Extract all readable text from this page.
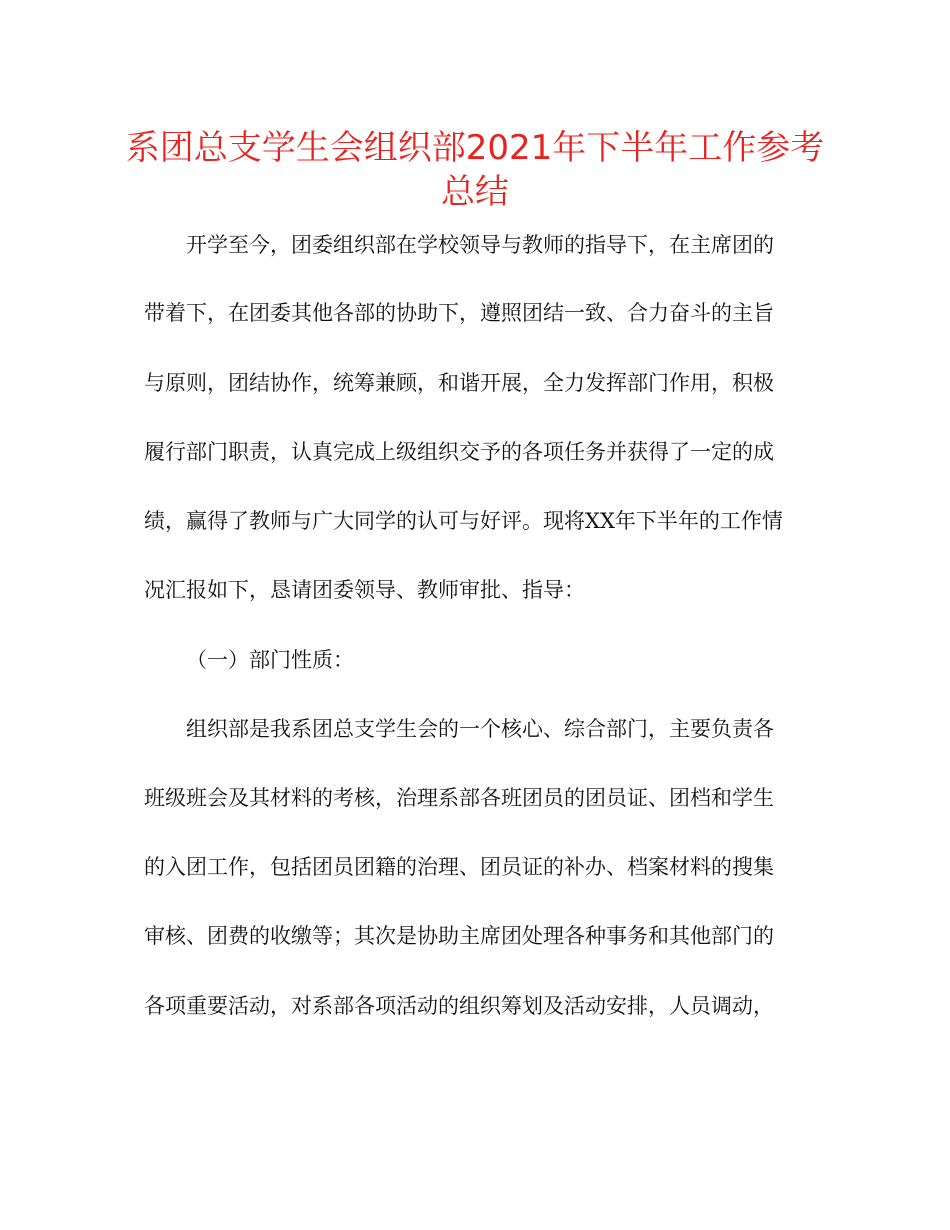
系团总支学生会组织部2021年下半年工作参考
总结

开学至今，团委组织部在学校领导与教师的指导下，在主席团的

带着下，在团委其他各部的协助下，遵照团结一致、合力奋斗的主旨

与原则，团结协作，统筹兼顾，和谐开展，全力发挥部门作用，积极

履行部门职责，认真完成上级组织交予的各项任务并获得了一定的成

绩，赢得了教师与广大同学的认可与好评。现将XX年下半年的工作情

况汇报如下，恳请团委领导、教师审批、指导：

（一）部门性质：

组织部是我系团总支学生会的一个核心、综合部门，主要负责各

班级班会及其材料的考核，治理系部各班团员的团员证、团档和学生

的入团工作，包括团员团籍的治理、团员证的补办、档案材料的搜集

审核、团费的收缴等；其次是协助主席团处理各种事务和其他部门的

各项重要活动，对系部各项活动的组织筹划及活动安排，人员调动，
